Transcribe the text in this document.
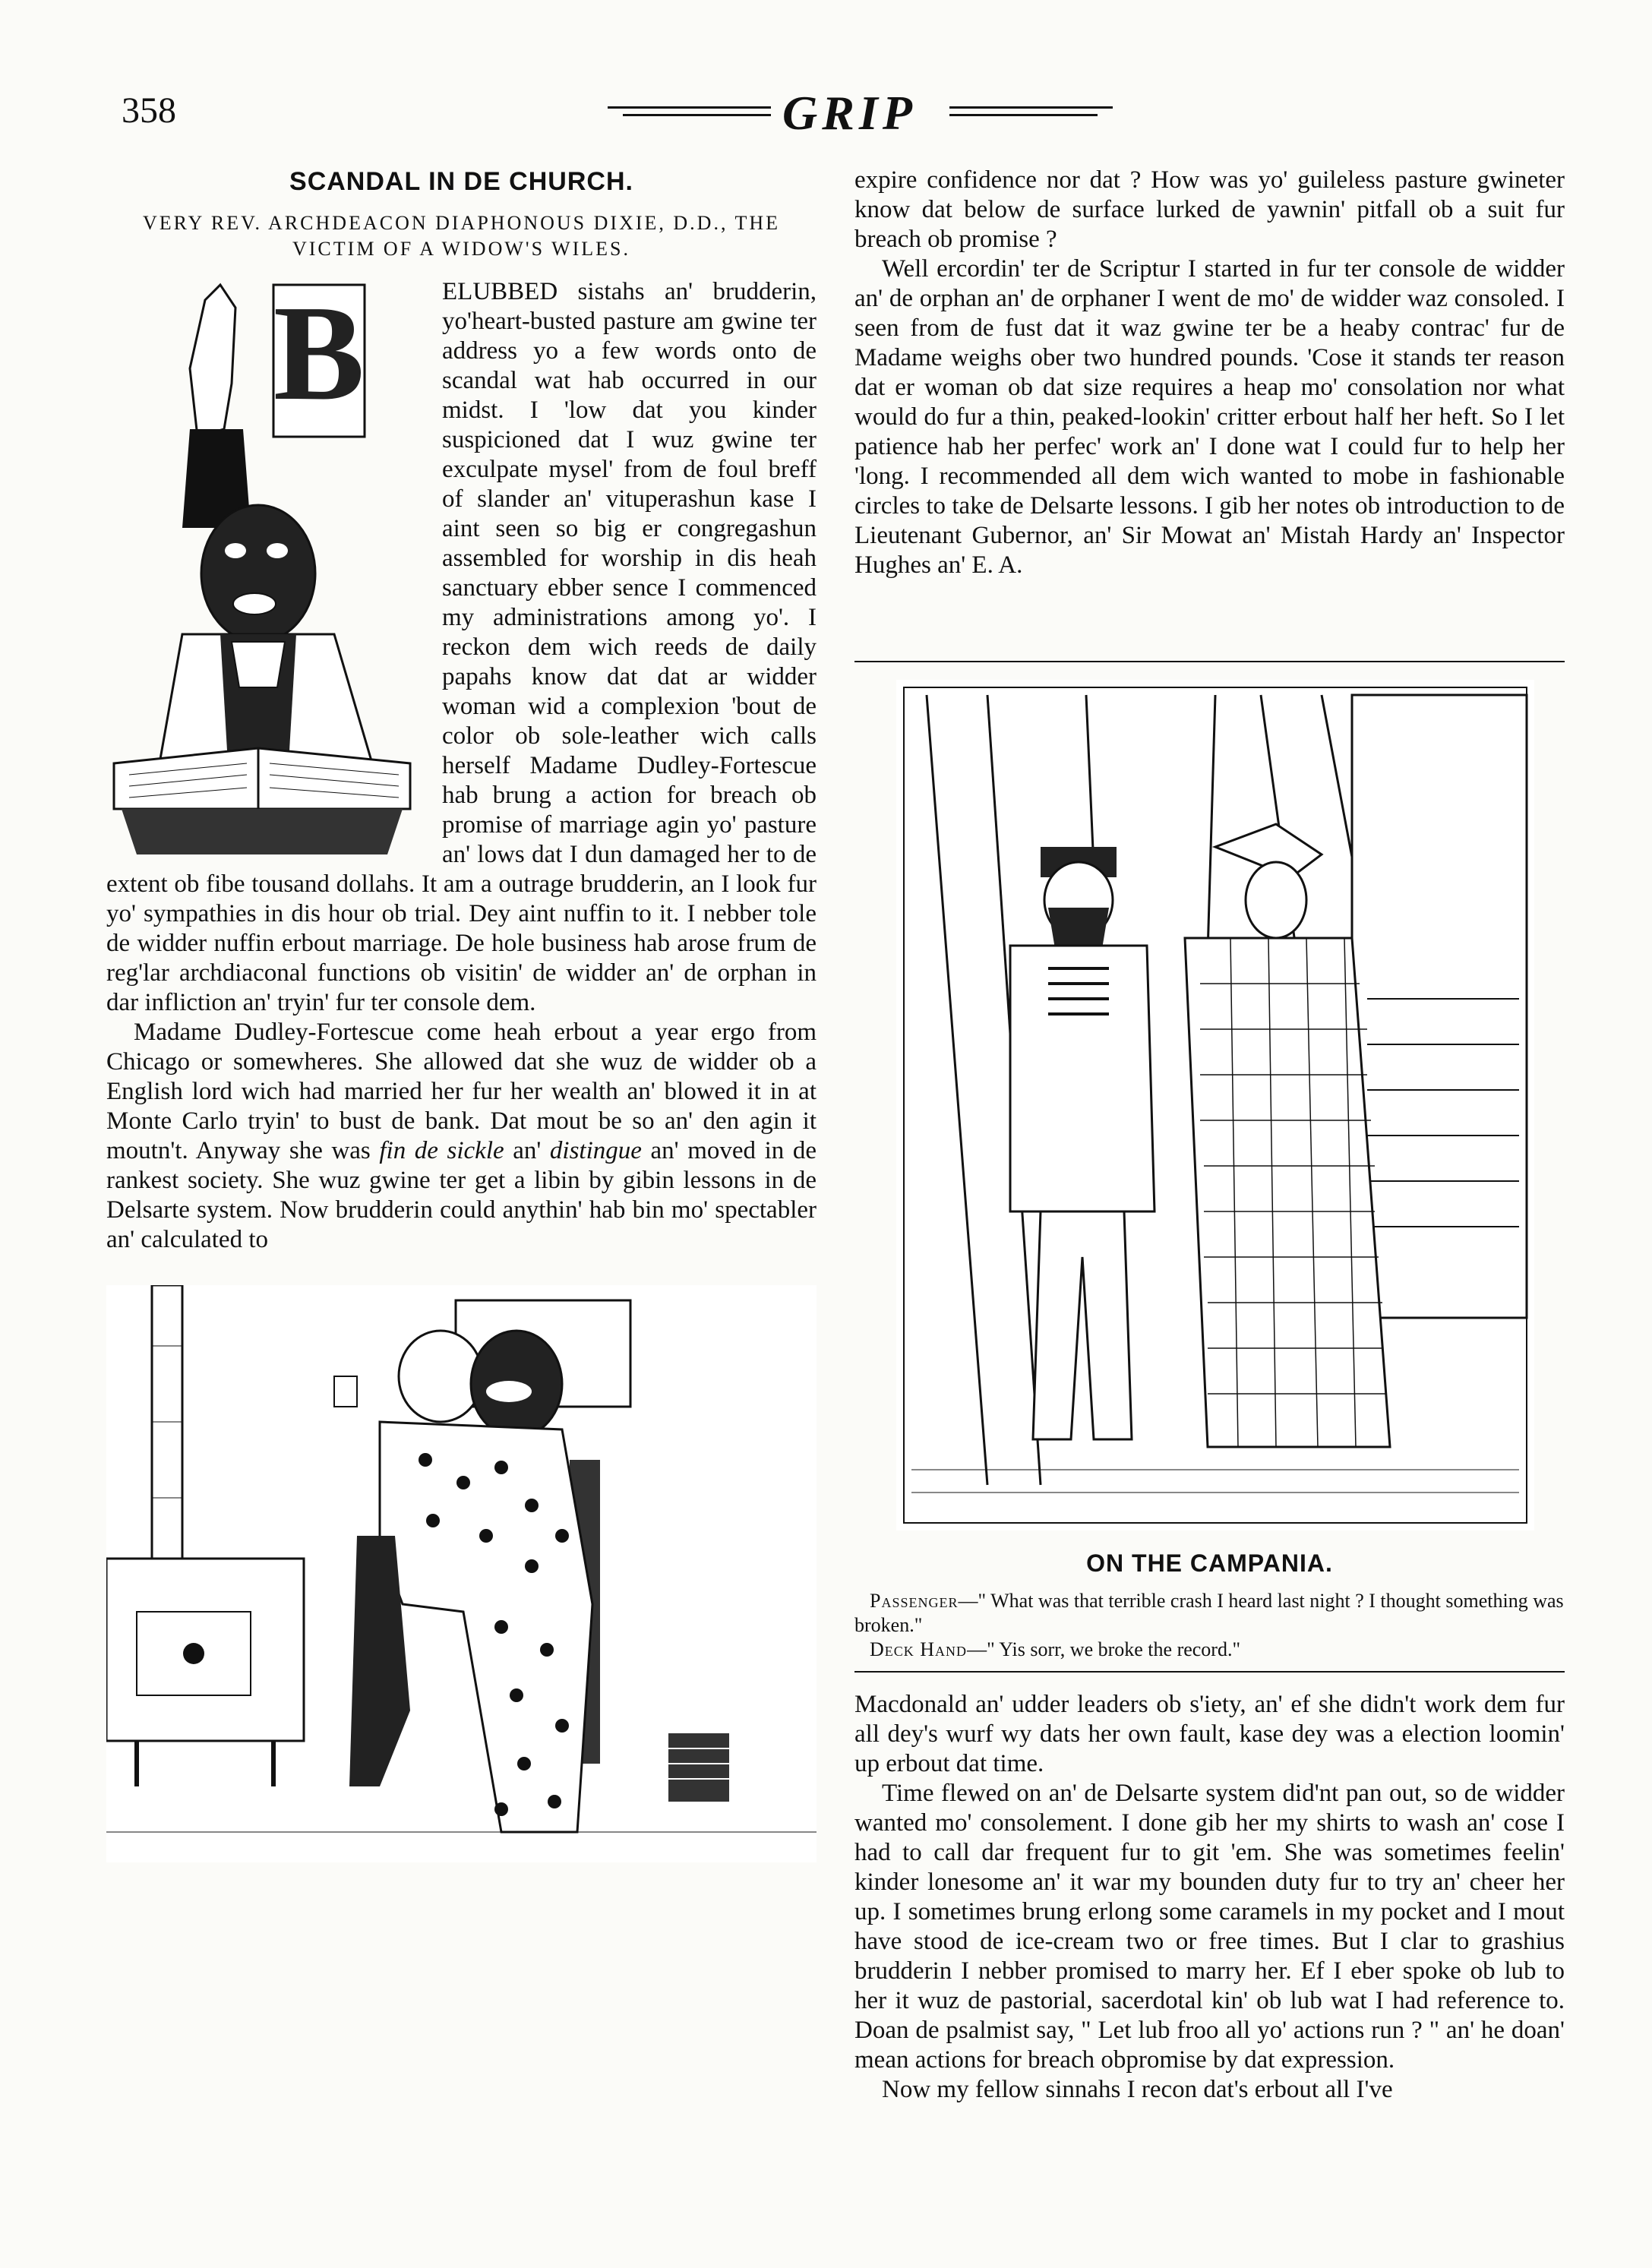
358	GRIP
SCANDAL IN DE CHURCH.
VERY REV. ARCHDEACON DIAPHONOUS DIXIE, D.D., THE
VICTIM OF A WIDOW'S WILES.
B	ELUBBED sistahs an' brudderin, yo'heart-busted pasture am gwine ter address yo a few words onto de scandal wat hab occurred in our midst. I 'low dat you kinder suspicioned dat I wuz gwine ter exculpate mysel' from de foul breff of slander an' vituperashun kase I aint seen so big er congregashun assembled for worship in dis heah sanctuary ebber sence I commenced my administrations among yo'. I reckon dem wich reeds de daily papahs know dat dat ar widder woman wid a complexion 'bout de color ob sole-leather wich calls herself Madame Dudley-Fortescue hab brung a action for breach ob promise of marriage agin yo' pasture an' lows dat I dun damaged her to de extent ob fibe tousand dollahs. It am a outrage brudderin, an I look fur yo' sympathies in dis hour ob trial. Dey aint nuffin to it. I nebber tole de widder nuffin erbout marriage. De hole business hab arose frum de reg'lar archdiaconal functions ob visitin' de widder an' de orphan in dar infliction an' tryin' fur ter console dem.

Madame Dudley-Fortescue come heah erbout a year ergo from Chicago or somewheres. She allowed dat she wuz de widder ob a English lord wich had married her fur her wealth an' blowed it in at Monte Carlo tryin' to bust de bank. Dat mout be so an' den agin it moutn't. Anyway she was fin de sickle an' distingue an' moved in de rankest society. She wuz gwine ter get a libin by gibin lessons in de Delsarte system. Now brudderin could anythin' hab bin mo' spectabler an' calculated to

expire confidence nor dat ? How was yo' guileless pasture gwineter know dat below de surface lurked de yawnin' pitfall ob a suit fur breach ob promise ?

Well ercordin' ter de Scriptur I started in fur ter console de widder an' de orphan an' de orphaner I went de mo' de widder waz consoled. I seen from de fust dat it waz gwine ter be a heaby contrac' fur de Madame weighs ober two hundred pounds. 'Cose it stands ter reason dat er woman ob dat size requires a heap mo' consolation nor what would do fur a thin, peaked-lookin' critter erbout half her heft. So I let patience hab her perfec' work an' I done wat I could fur to help her 'long. I recommended all dem wich wanted to mobe in fashionable circles to take de Delsarte lessons. I gib her notes ob introduction to de Lieutenant Gubernor, an' Sir Mowat an' Mistah Hardy an' Inspector Hughes an' E. A.

ON THE CAMPANIA.
Passenger—" What was that terrible crash I heard last night ? I thought something was broken."
Deck Hand—" Yis sorr, we broke the record."

Macdonald an' udder leaders ob s'iety, an' ef she didn't work dem fur all dey's wurf wy dats her own fault, kase dey was a election loomin' up erbout dat time.

Time flewed on an' de Delsarte system did'nt pan out, so de widder wanted mo' consolement. I done gib her my shirts to wash an' cose I had to call dar frequent fur to git 'em. She was sometimes feelin' kinder lonesome an' it war my bounden duty fur to try an' cheer her up. I sometimes brung erlong some caramels in my pocket and I mout have stood de ice-cream two or free times. But I clar to grashius brudderin I nebber promised to marry her. Ef I eber spoke ob lub to her it wuz de pastorial, sacerdotal kin' ob lub wat I had reference to. Doan de psalmist say, " Let lub froo all yo' actions run ? " an' he doan' mean actions for breach obpromise by dat expression.

Now my fellow sinnahs I recon dat's erbout all I've
